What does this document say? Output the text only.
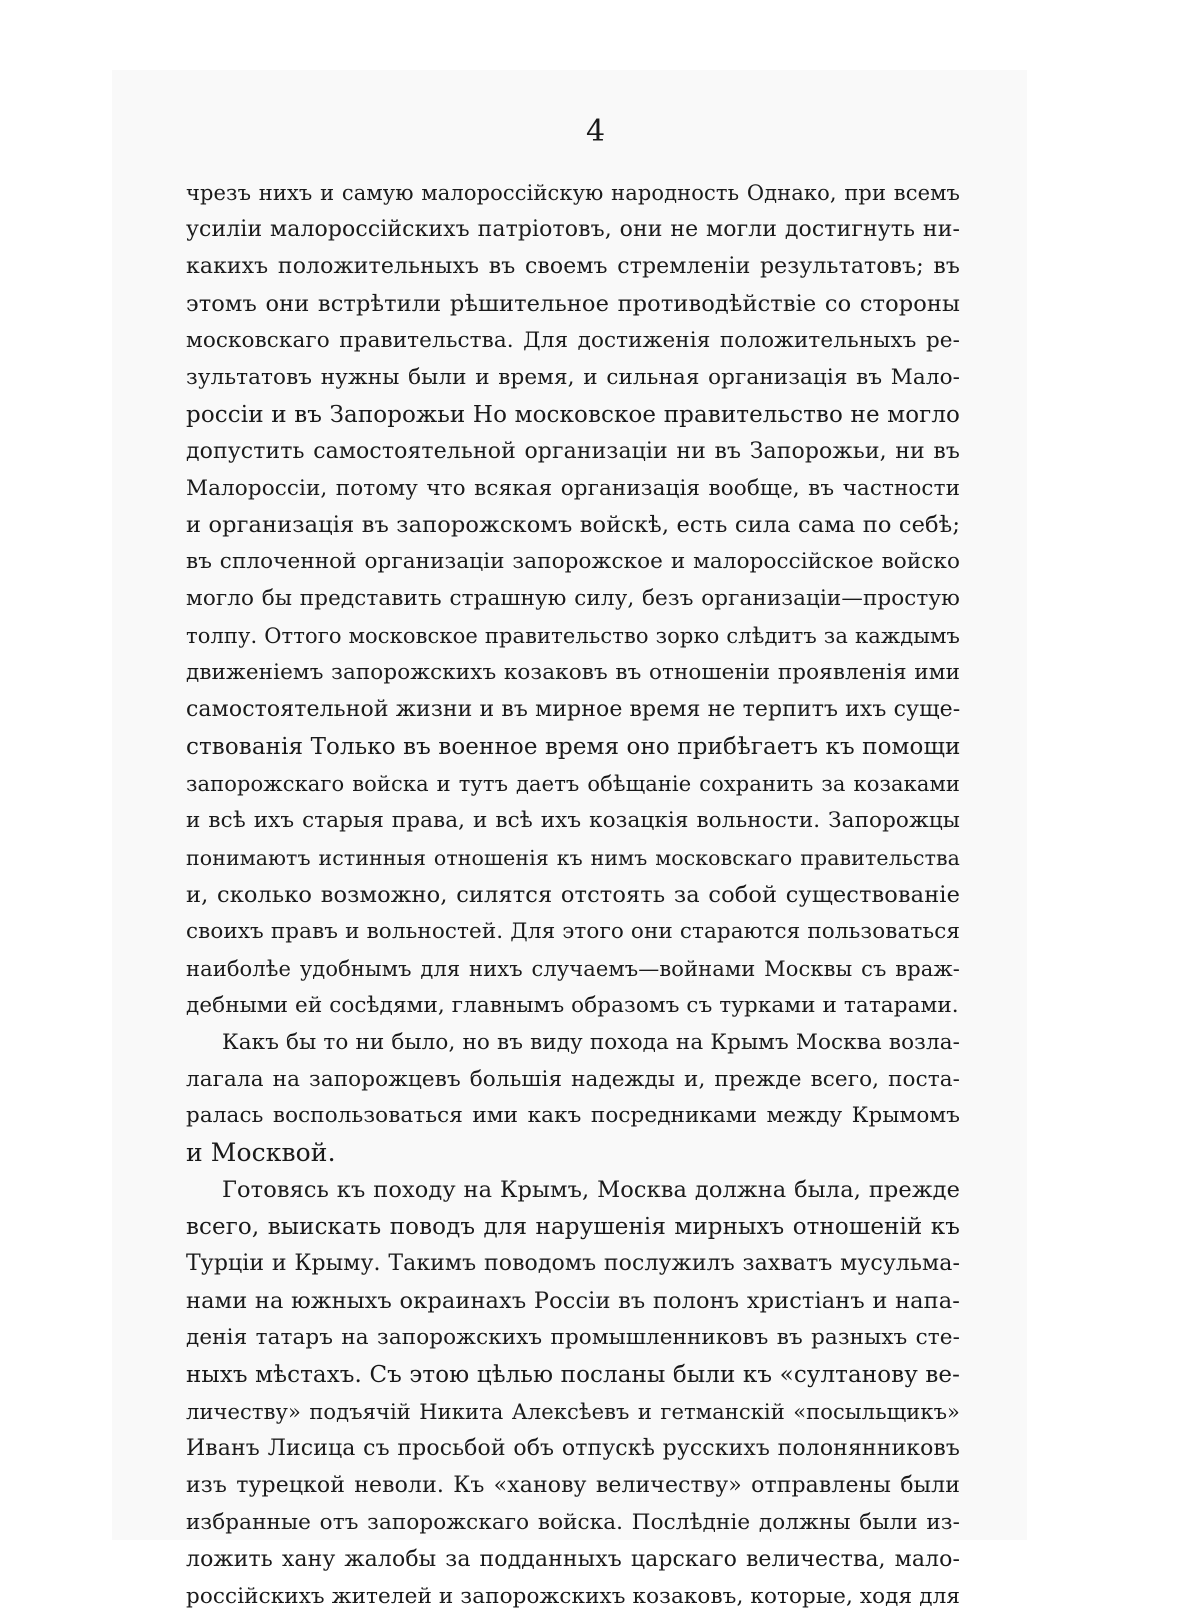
4
чрезъ нихъ и самую малороссійскую народность Однако, при всемъ
усиліи малороссійскихъ патріотовъ, они не могли достигнуть ни-
какихъ положительныхъ въ своемъ стремленіи результатовъ; въ
этомъ они встрѣтили рѣшительное противодѣйствіе со стороны
московскаго правительства. Для достиженія положительныхъ ре-
зультатовъ нужны были и время, и сильная организація въ Мало-
россіи и въ Запорожьи Но московское правительство не могло
допустить самостоятельной организаціи ни въ Запорожьи, ни въ
Малороссіи, потому что всякая организація вообще, въ частности
и организація въ запорожскомъ войскѣ, есть сила сама по себѣ;
въ сплоченной организаціи запорожское и малороссійское войско
могло бы представить страшную силу, безъ организаціи—простую
толпу. Оттого московское правительство зорко слѣдитъ за каждымъ
движеніемъ запорожскихъ козаковъ въ отношеніи проявленія ими
самостоятельной жизни и въ мирное время не терпитъ ихъ суще-
ствованія Только въ военное время оно прибѣгаетъ къ помощи
запорожскаго войска и тутъ даетъ обѣщаніе сохранить за козаками
и всѣ ихъ старыя права, и всѣ ихъ козацкія вольности. Запорожцы
понимаютъ истинныя отношенія къ нимъ московскаго правительства
и, сколько возможно, силятся отстоять за собой существованіе
своихъ правъ и вольностей. Для этого они стараются пользоваться
наиболѣе удобнымъ для нихъ случаемъ—войнами Москвы съ враж-
дебными ей сосѣдями, главнымъ образомъ съ турками и татарами.
Какъ бы то ни было, но въ виду похода на Крымъ Москва возла-
лагала на запорожцевъ большія надежды и, прежде всего, поста-
ралась воспользоваться ими какъ посредниками между Крымомъ
и Москвой.
Готовясь къ походу на Крымъ, Москва должна была, прежде
всего, выискать поводъ для нарушенія мирныхъ отношеній къ
Турціи и Крыму. Такимъ поводомъ послужилъ захватъ мусульма-
нами на южныхъ окраинахъ Россіи въ полонъ христіанъ и напа-
денія татаръ на запорожскихъ промышленниковъ въ разныхъ сте-
ныхъ мѣстахъ. Съ этою цѣлью посланы были къ «султанову ве-
личеству» подъячій Никита Алексѣевъ и гетманскій «посыльщикъ»
Иванъ Лисица съ просьбой объ отпускѣ русскихъ полонянниковъ
изъ турецкой неволи. Къ «ханову величеству» отправлены были
избранные отъ запорожскаго войска. Послѣдніе должны были из-
ложить хану жалобы за подданныхъ царскаго величества, мало-
россійскихъ жителей и запорожскихъ козаковъ, которые, ходя для
